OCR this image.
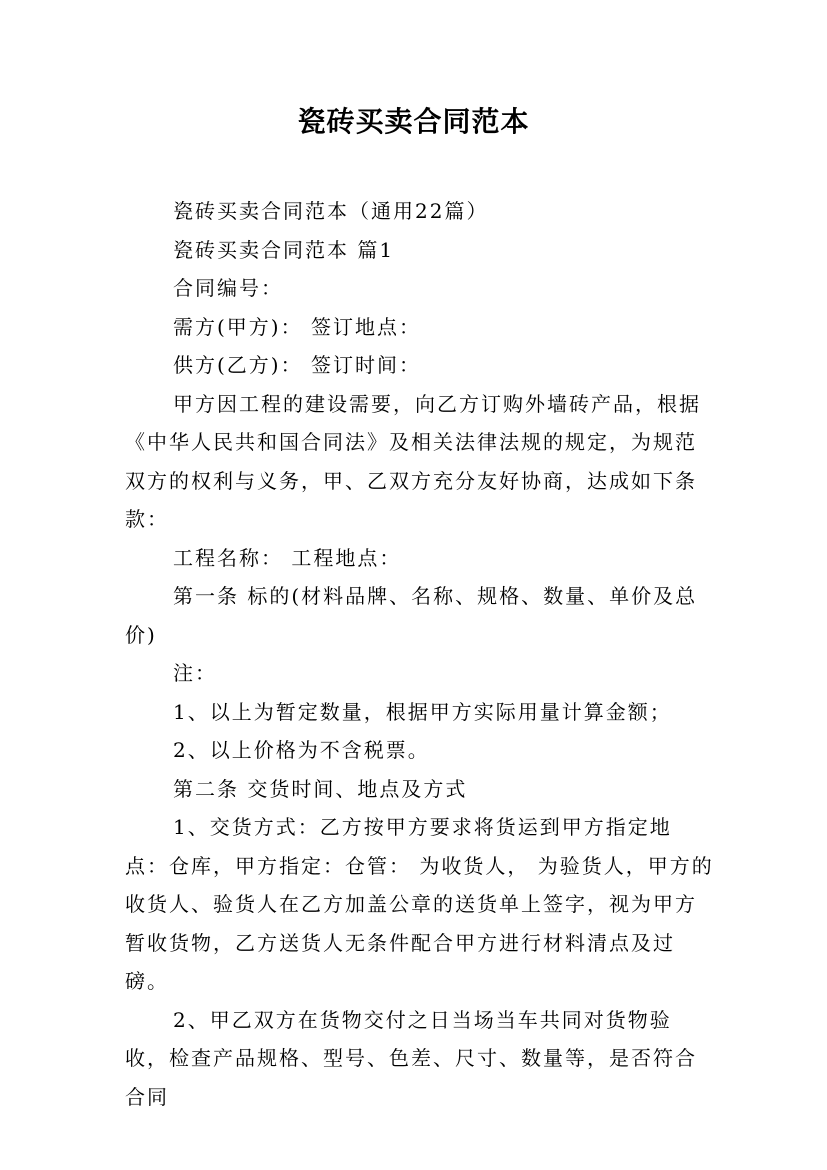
瓷砖买卖合同范本

瓷砖买卖合同范本（通用22篇）

瓷砖买卖合同范本 篇1

合同编号：

需方(甲方)： 签订地点：

供方(乙方)： 签订时间：

甲方因工程的建设需要，向乙方订购外墙砖产品，根据《中华人民共和国合同法》及相关法律法规的规定，为规范双方的权利与义务，甲、乙双方充分友好协商，达成如下条款：

工程名称： 工程地点：

第一条 标的(材料品牌、名称、规格、数量、单价及总价)

注：

1、以上为暂定数量，根据甲方实际用量计算金额；

2、以上价格为不含税票。

第二条 交货时间、地点及方式

1、交货方式：乙方按甲方要求将货运到甲方指定地点：仓库，甲方指定：仓管： 为收货人， 为验货人，甲方的收货人、验货人在乙方加盖公章的送货单上签字，视为甲方暂收货物，乙方送货人无条件配合甲方进行材料清点及过磅。

2、甲乙双方在货物交付之日当场当车共同对货物验收，检查产品规格、型号、色差、尺寸、数量等，是否符合合同
